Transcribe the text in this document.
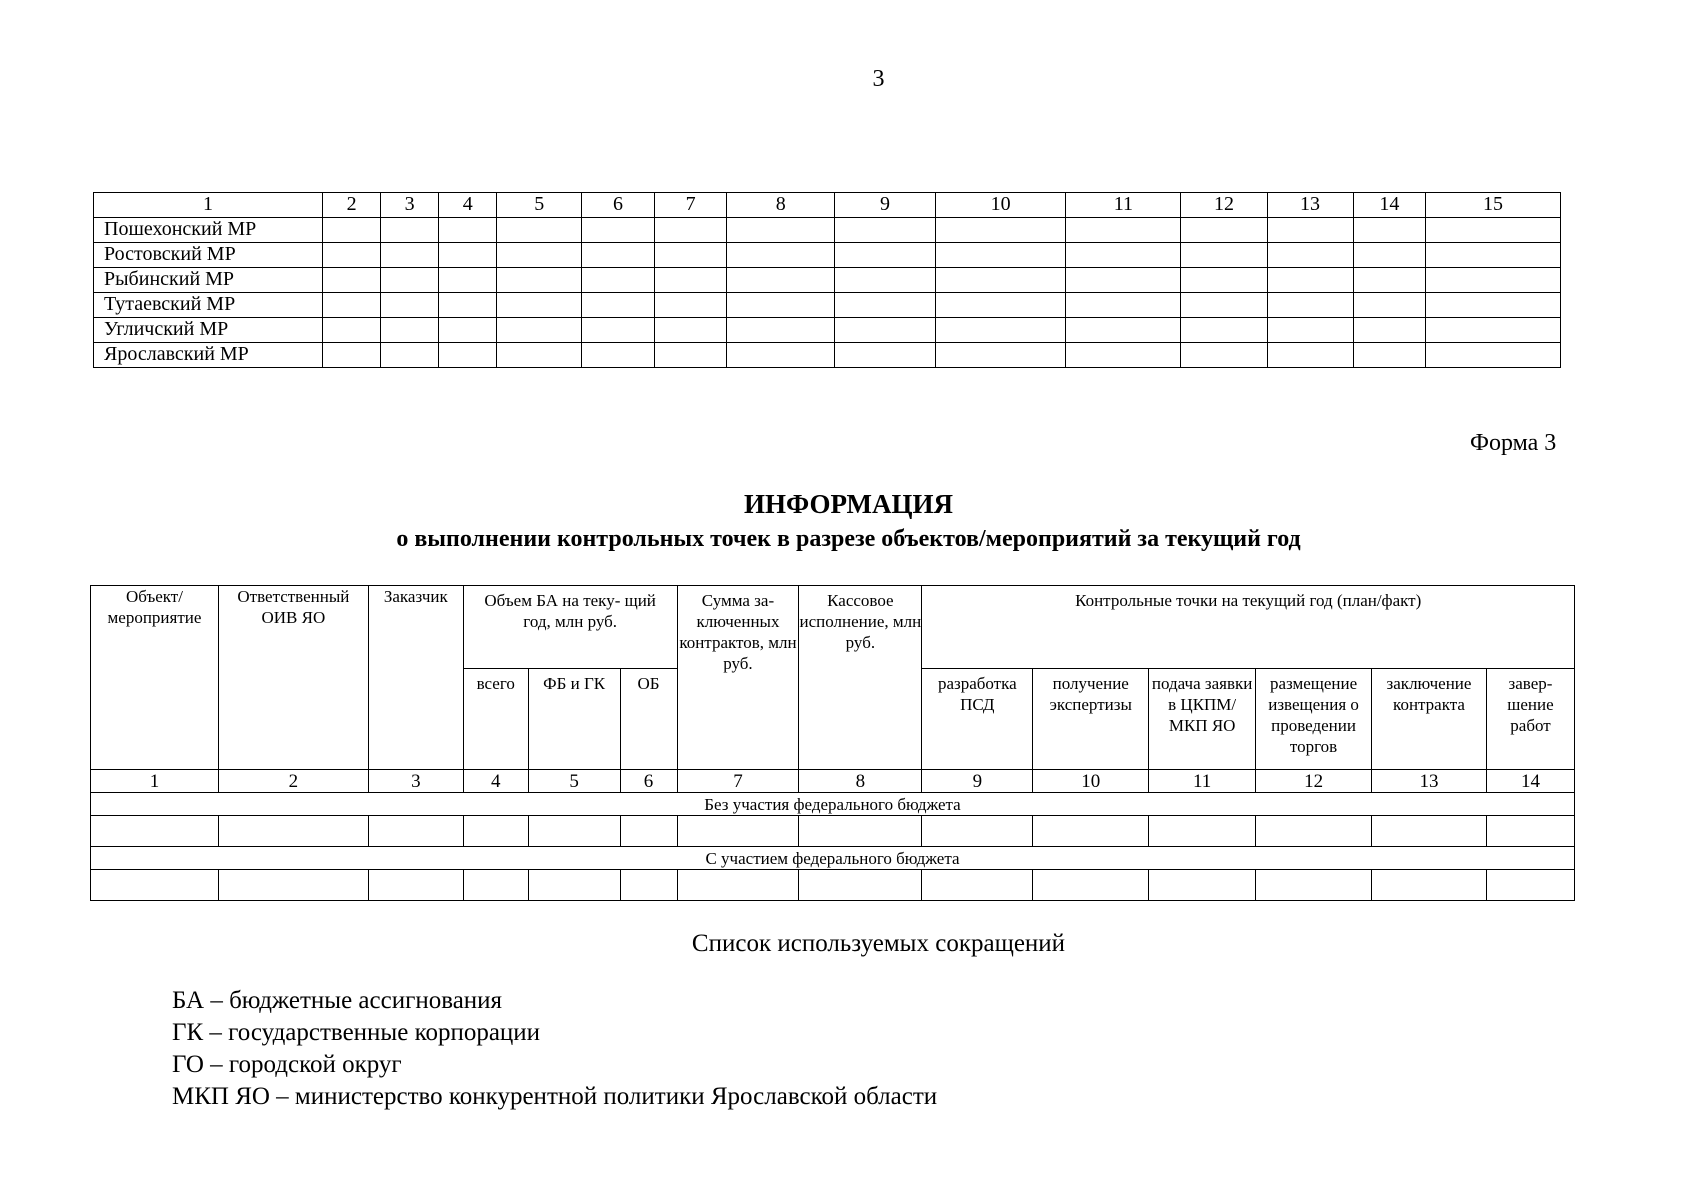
3
1	2	3	4	5	6	7	8	9	10	11	12	13	14	15
Пошехонский МР														
Ростовский МР														
Рыбинский МР														
Тутаевский МР														
Угличский МР														
Ярославский МР														
Форма 3
ИНФОРМАЦИЯ
о выполнении контрольных точек в разрезе объектов/мероприятий за текущий год
Объект/ мероприятие	Ответственный ОИВ ЯО	Заказчик	Объем БА на теку- щий год, млн руб.			Сумма за- ключенных контрактов, млн руб.	Кассовое исполнение, млн руб.	Контрольные точки на текущий год (план/факт)					
			всего	ФБ и ГК	ОБ			разработка ПСД	получение экспертизы	подача заявки в ЦКПМ/ МКП ЯО	размещение извещения о проведении торгов	заключение контракта	завер- шение работ
1	2	3	4	5	6	7	8	9	10	11	12	13	14
Без участия федерального бюджета													

С участием федерального бюджета													

Список используемых сокращений
БА – бюджетные ассигнования
ГК – государственные корпорации
ГО – городской округ
МКП ЯО – министерство конкурентной политики Ярославской области
